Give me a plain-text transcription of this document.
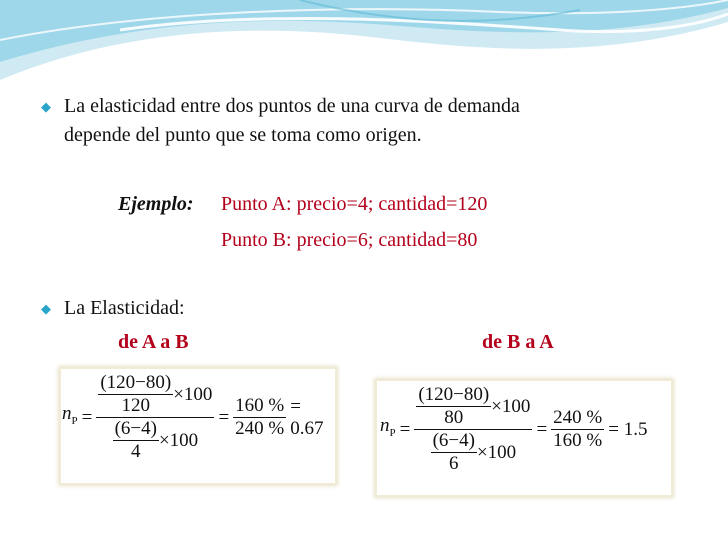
◆ La elasticidad entre dos puntos de una curva de demanda
depende del punto que se toma como origen.
Ejemplo: Punto A: precio=4; cantidad=120
Punto B: precio=6; cantidad=80
◆ La Elasticidad:
de A a B	de B a A
$n_P = \frac{\frac{(120-80)}{120} \times 100}{\frac{(6-4)}{4} \times 100} = \frac{160 \%}{240 \%} = 0.67$	$n_P = \frac{\frac{(120-80)}{80} \times 100}{\frac{(6-4)}{6} \times 100} = \frac{240 \%}{160 \%} = 1.5$
